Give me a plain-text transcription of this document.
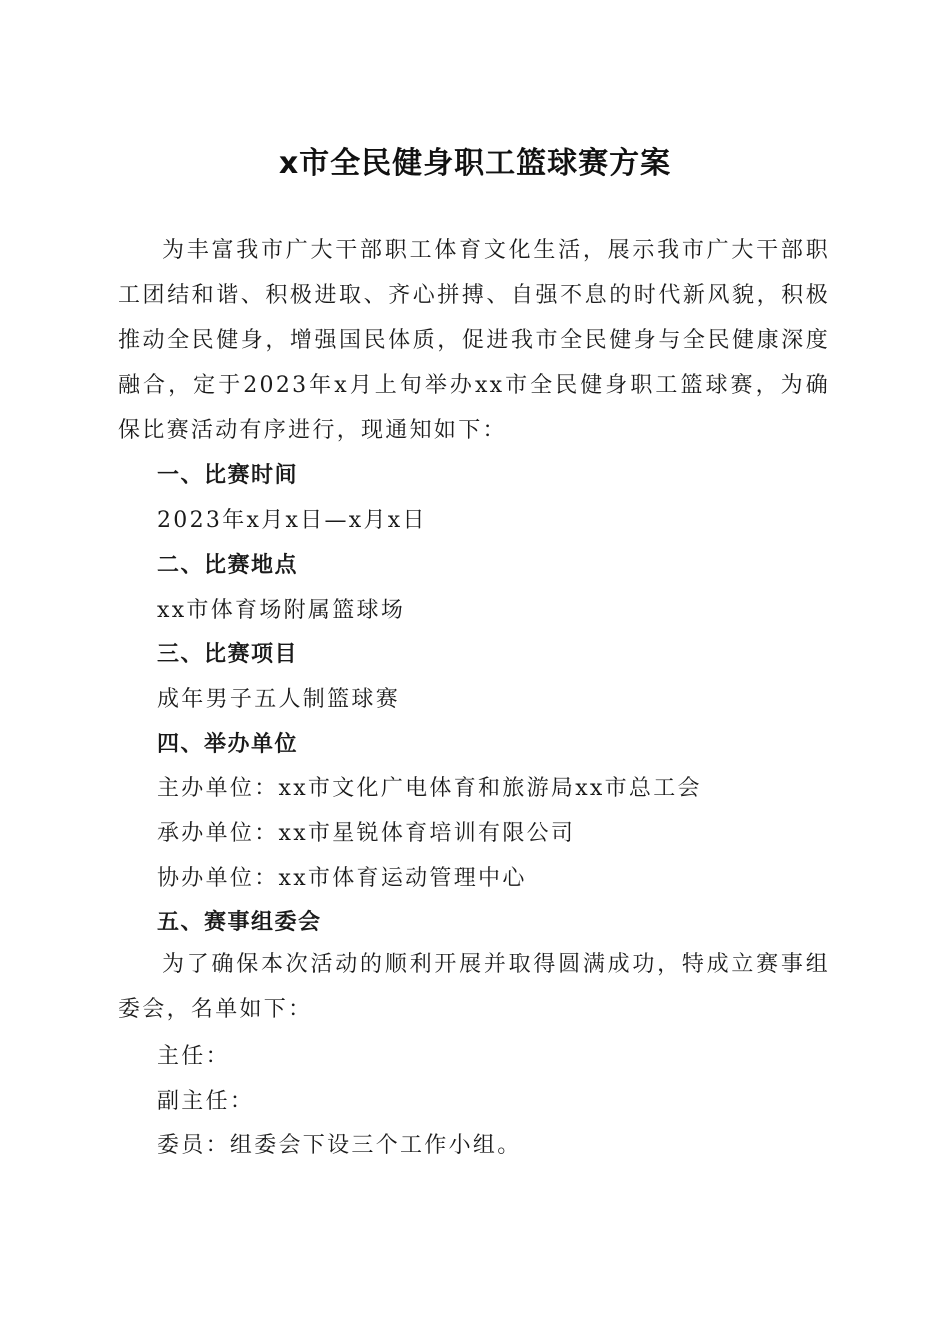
x市全民健身职工篮球赛方案

为丰富我市广大干部职工体育文化生活，展示我市广大干部职工团结和谐、积极进取、齐心拼搏、自强不息的时代新风貌，积极推动全民健身，增强国民体质，促进我市全民健身与全民健康深度融合，定于2023年x月上旬举办xx市全民健身职工篮球赛，为确保比赛活动有序进行，现通知如下：

一、比赛时间
2023年x月x日—x月x日
二、比赛地点
xx市体育场附属篮球场
三、比赛项目
成年男子五人制篮球赛
四、举办单位
主办单位：xx市文化广电体育和旅游局xx市总工会
承办单位：xx市星锐体育培训有限公司
协办单位：xx市体育运动管理中心
五、赛事组委会

为了确保本次活动的顺利开展并取得圆满成功，特成立赛事组委会，名单如下：

主任：
副主任：
委员：组委会下设三个工作小组。
